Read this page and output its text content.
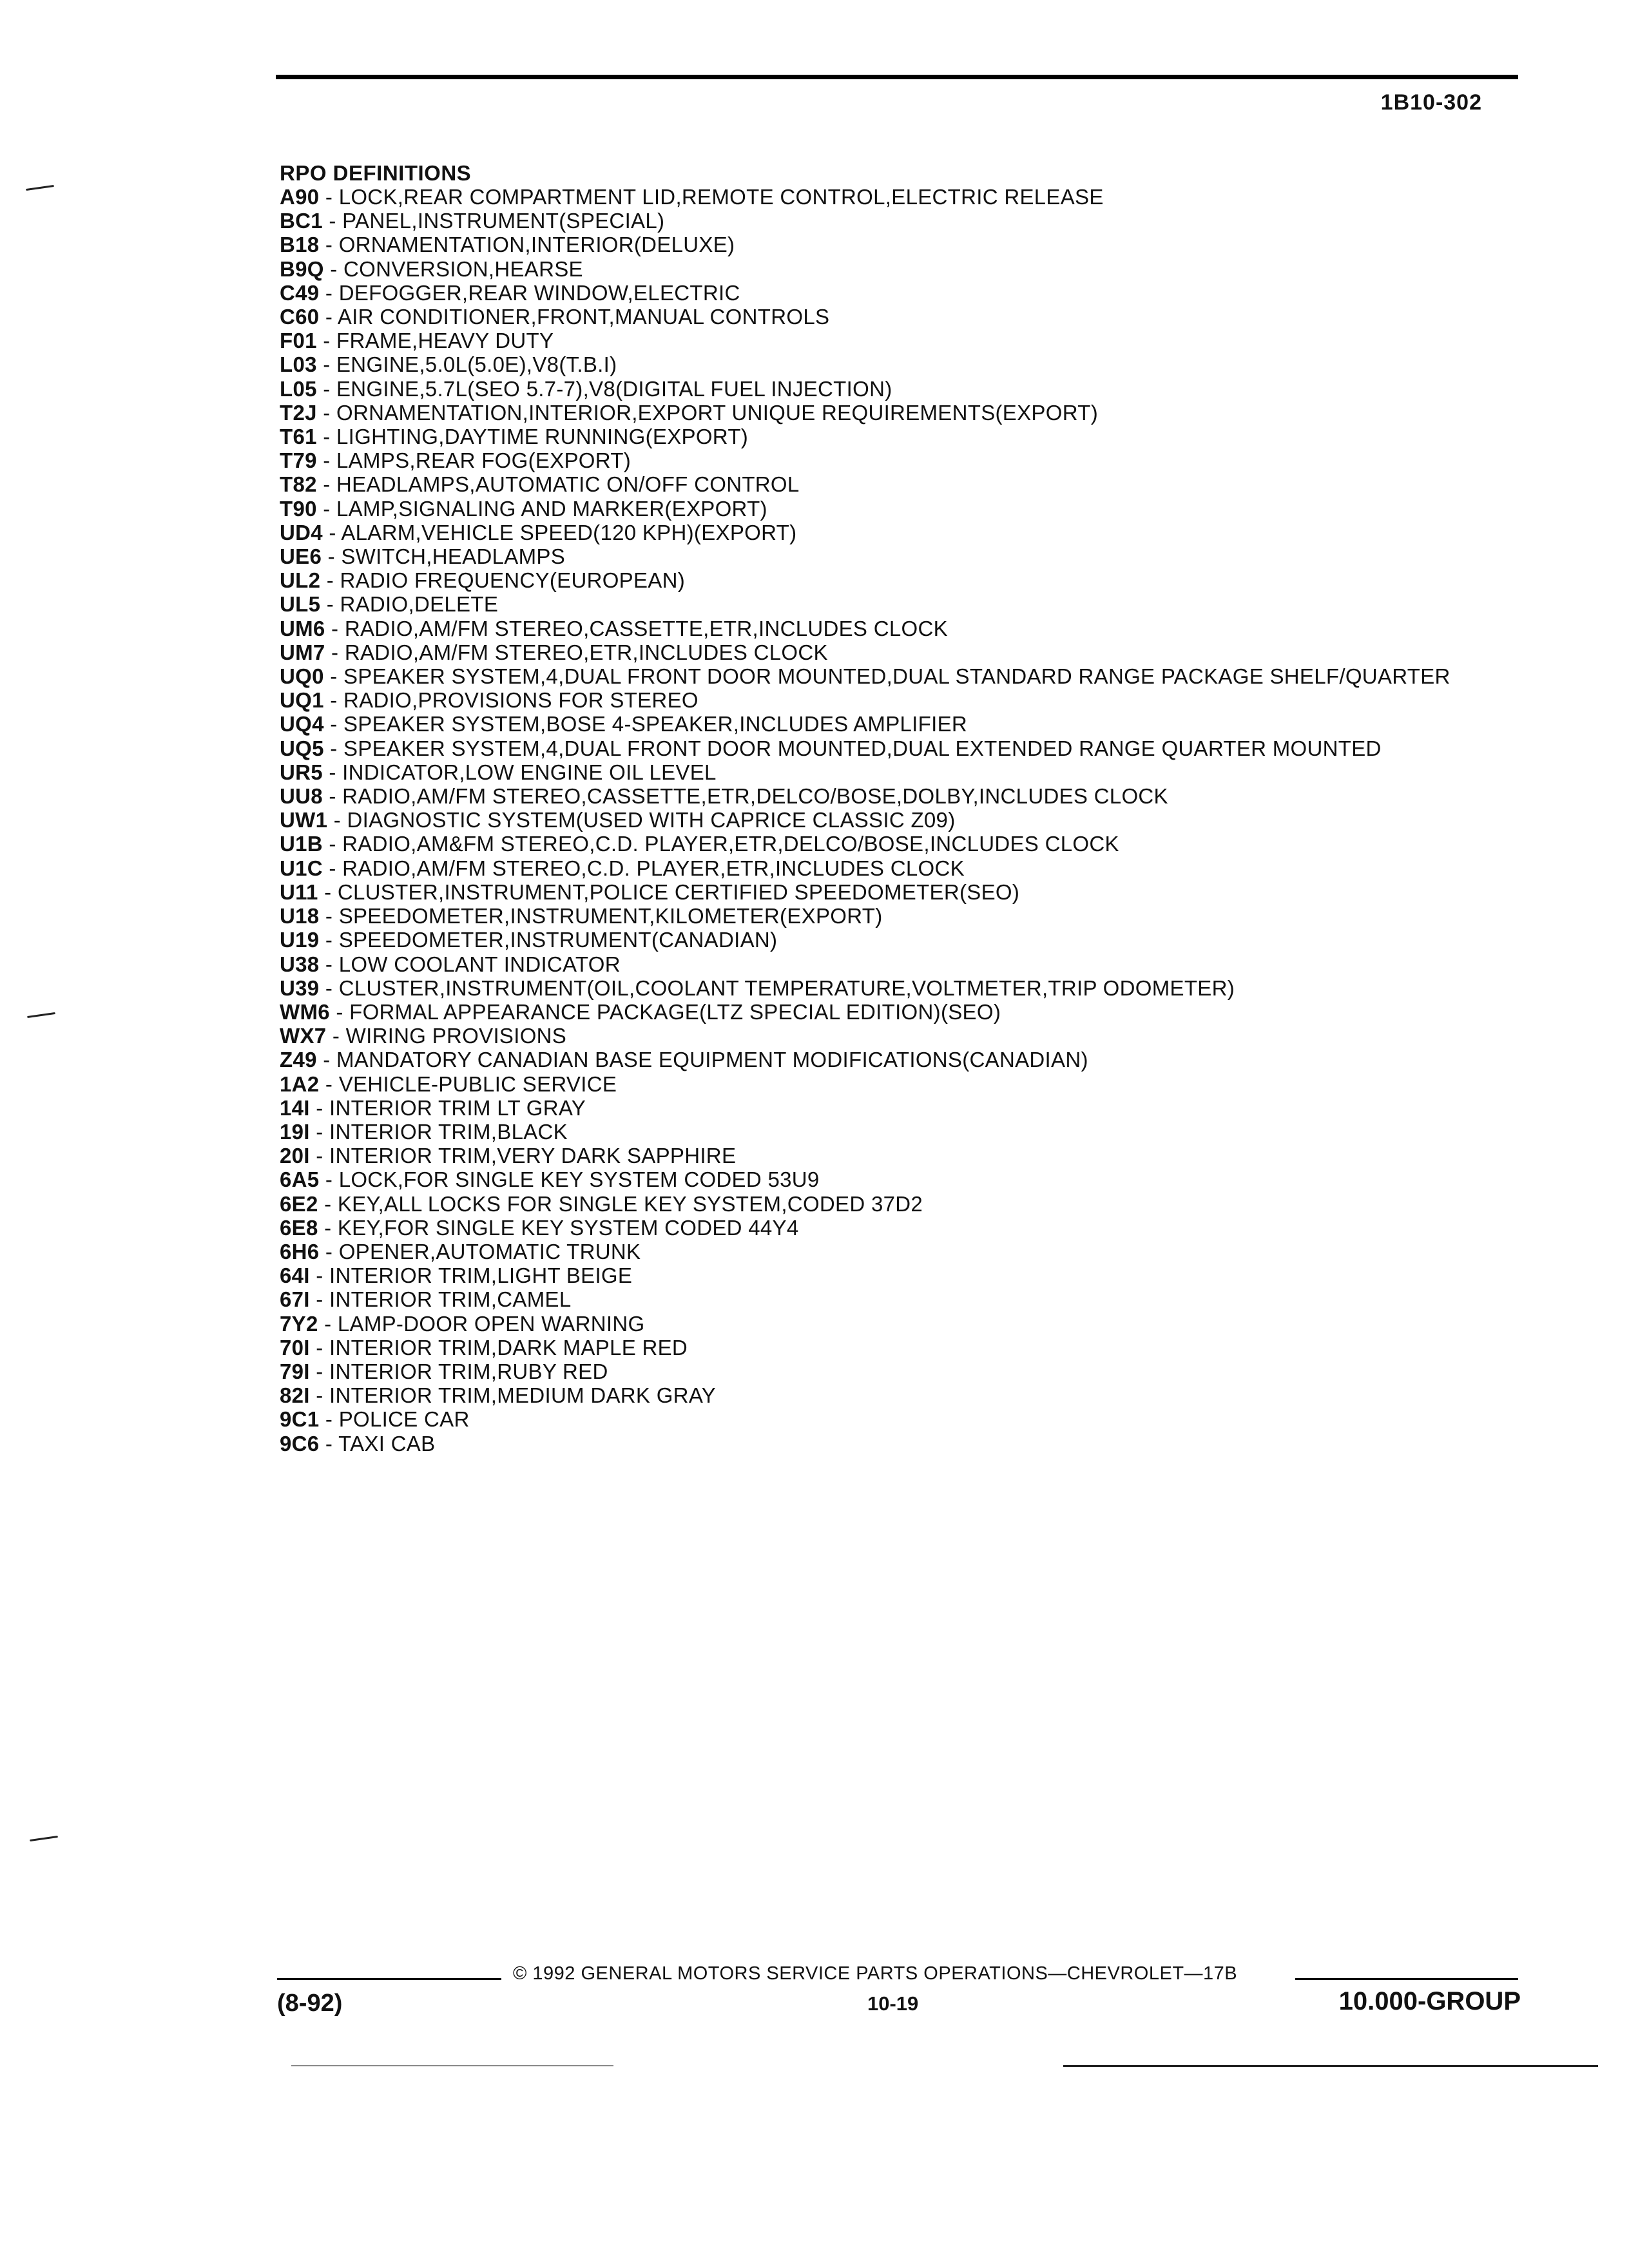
1B10-302
RPO DEFINITIONS
A90 - LOCK,REAR COMPARTMENT LID,REMOTE CONTROL,ELECTRIC RELEASE
BC1 - PANEL,INSTRUMENT(SPECIAL)
B18 - ORNAMENTATION,INTERIOR(DELUXE)
B9Q - CONVERSION,HEARSE
C49 - DEFOGGER,REAR WINDOW,ELECTRIC
C60 - AIR CONDITIONER,FRONT,MANUAL CONTROLS
F01 - FRAME,HEAVY DUTY
L03 - ENGINE,5.0L(5.0E),V8(T.B.I)
L05 - ENGINE,5.7L(SEO 5.7-7),V8(DIGITAL FUEL INJECTION)
T2J - ORNAMENTATION,INTERIOR,EXPORT UNIQUE REQUIREMENTS(EXPORT)
T61 - LIGHTING,DAYTIME RUNNING(EXPORT)
T79 - LAMPS,REAR FOG(EXPORT)
T82 - HEADLAMPS,AUTOMATIC ON/OFF CONTROL
T90 - LAMP,SIGNALING AND MARKER(EXPORT)
UD4 - ALARM,VEHICLE SPEED(120 KPH)(EXPORT)
UE6 - SWITCH,HEADLAMPS
UL2 - RADIO FREQUENCY(EUROPEAN)
UL5 - RADIO,DELETE
UM6 - RADIO,AM/FM STEREO,CASSETTE,ETR,INCLUDES CLOCK
UM7 - RADIO,AM/FM STEREO,ETR,INCLUDES CLOCK
UQ0 - SPEAKER SYSTEM,4,DUAL FRONT DOOR MOUNTED,DUAL STANDARD RANGE PACKAGE SHELF/QUARTER
UQ1 - RADIO,PROVISIONS FOR STEREO
UQ4 - SPEAKER SYSTEM,BOSE 4-SPEAKER,INCLUDES AMPLIFIER
UQ5 - SPEAKER SYSTEM,4,DUAL FRONT DOOR MOUNTED,DUAL EXTENDED RANGE QUARTER MOUNTED
UR5 - INDICATOR,LOW ENGINE OIL LEVEL
UU8 - RADIO,AM/FM STEREO,CASSETTE,ETR,DELCO/BOSE,DOLBY,INCLUDES CLOCK
UW1 - DIAGNOSTIC SYSTEM(USED WITH CAPRICE CLASSIC Z09)
U1B - RADIO,AM&FM STEREO,C.D. PLAYER,ETR,DELCO/BOSE,INCLUDES CLOCK
U1C - RADIO,AM/FM STEREO,C.D. PLAYER,ETR,INCLUDES CLOCK
U11 - CLUSTER,INSTRUMENT,POLICE CERTIFIED SPEEDOMETER(SEO)
U18 - SPEEDOMETER,INSTRUMENT,KILOMETER(EXPORT)
U19 - SPEEDOMETER,INSTRUMENT(CANADIAN)
U38 - LOW COOLANT INDICATOR
U39 - CLUSTER,INSTRUMENT(OIL,COOLANT TEMPERATURE,VOLTMETER,TRIP ODOMETER)
WM6 - FORMAL APPEARANCE PACKAGE(LTZ SPECIAL EDITION)(SEO)
WX7 - WIRING PROVISIONS
Z49 - MANDATORY CANADIAN BASE EQUIPMENT MODIFICATIONS(CANADIAN)
1A2 - VEHICLE-PUBLIC SERVICE
14I - INTERIOR TRIM LT GRAY
19I - INTERIOR TRIM,BLACK
20I - INTERIOR TRIM,VERY DARK SAPPHIRE
6A5 - LOCK,FOR SINGLE KEY SYSTEM CODED 53U9
6E2 - KEY,ALL LOCKS FOR SINGLE KEY SYSTEM,CODED 37D2
6E8 - KEY,FOR SINGLE KEY SYSTEM CODED 44Y4
6H6 - OPENER,AUTOMATIC TRUNK
64I - INTERIOR TRIM,LIGHT BEIGE
67I - INTERIOR TRIM,CAMEL
7Y2 - LAMP-DOOR OPEN WARNING
70I - INTERIOR TRIM,DARK MAPLE RED
79I - INTERIOR TRIM,RUBY RED
82I - INTERIOR TRIM,MEDIUM DARK GRAY
9C1 - POLICE CAR
9C6 - TAXI CAB
© 1992 GENERAL MOTORS SERVICE PARTS OPERATIONS—CHEVROLET—17B
(8-92)	10-19	10.000-GROUP
